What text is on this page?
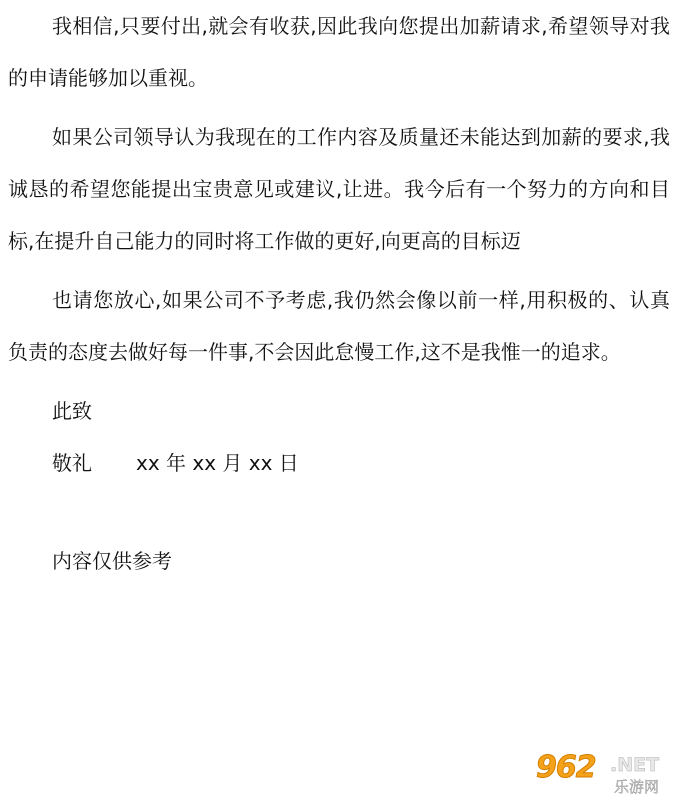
我相信,只要付出,就会有收获,因此我向您提出加薪请求,希望领导对我的申请能够加以重视。

如果公司领导认为我现在的工作内容及质量还未能达到加薪的要求,我诚恳的希望您能提出宝贵意见或建议,让进。我今后有一个努力的方向和目标,在提升自己能力的同时将工作做的更好,向更高的目标迈

也请您放心,如果公司不予考虑,我仍然会像以前一样,用积极的、认真负责的态度去做好每一件事,不会因此怠慢工作,这不是我惟一的追求。

此致

敬礼 xx 年 xx 月 xx 日

内容仅供参考

962 .NET
乐游网
